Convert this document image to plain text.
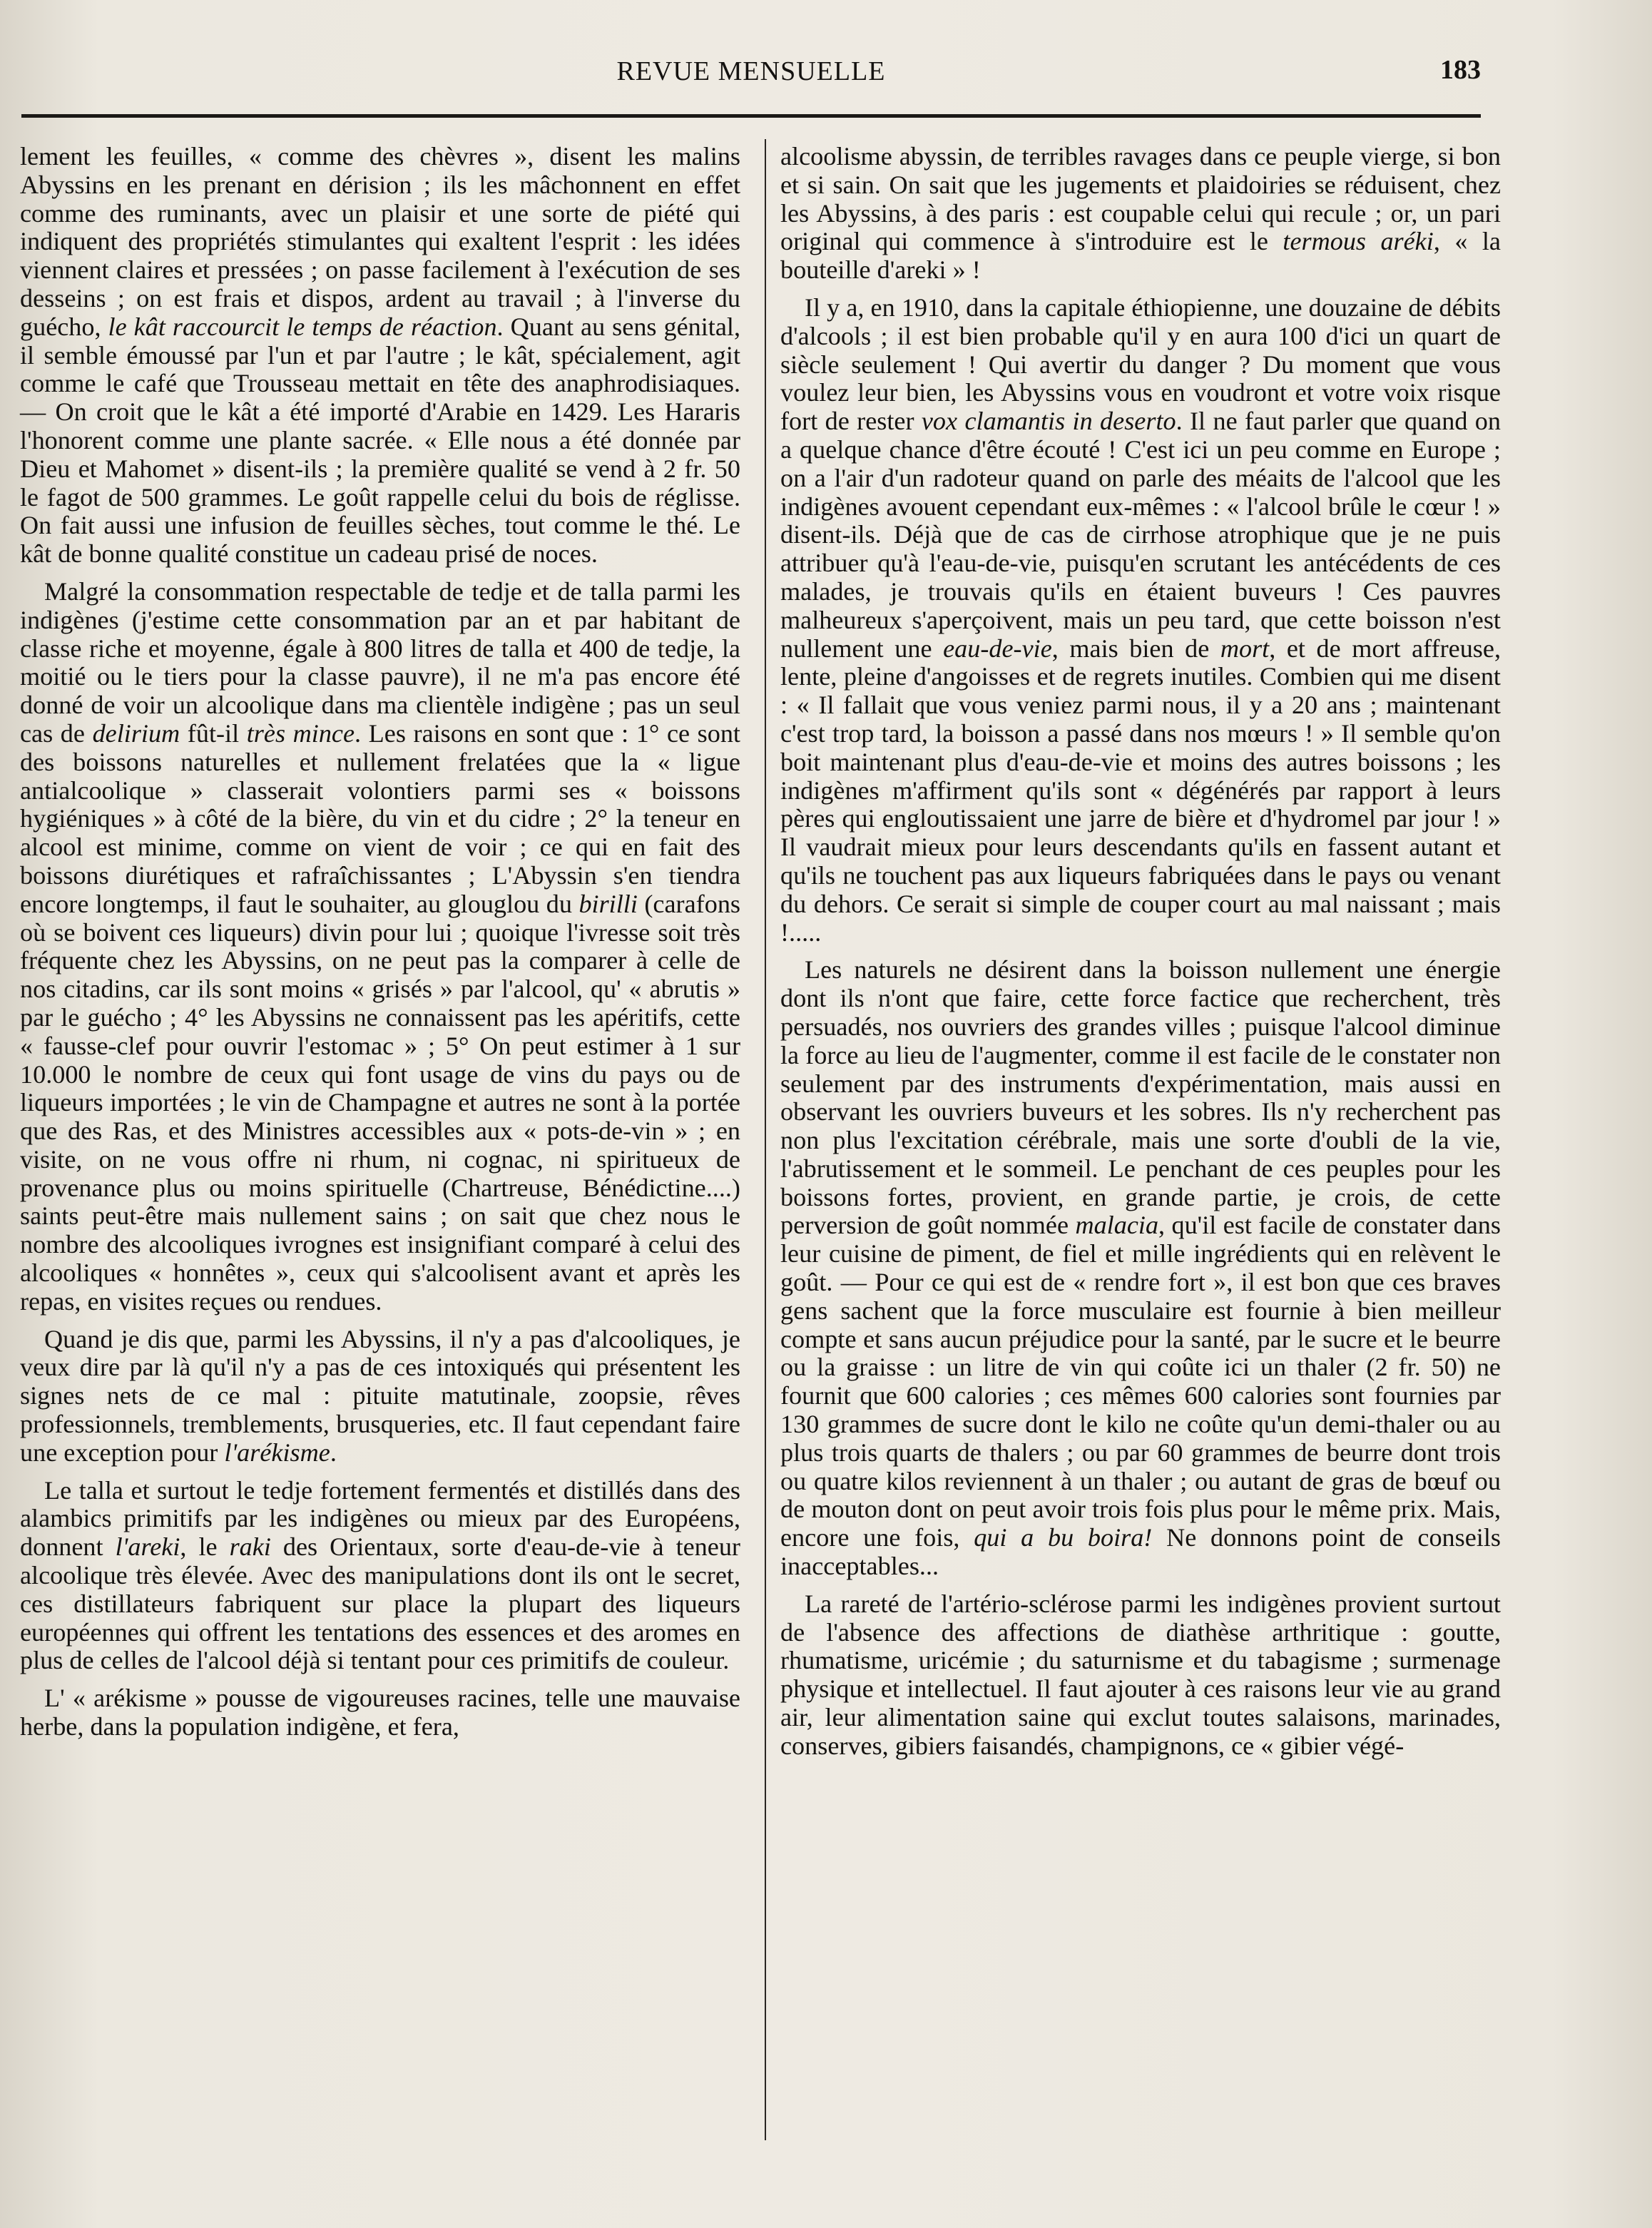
REVUE MENSUELLE	183

lement les feuilles, « comme des chèvres », disent les malins Abyssins en les prenant en dérision ; ils les mâchonnent en effet comme des ruminants, avec un plaisir et une sorte de piété qui indiquent des propriétés stimulantes qui exaltent l'esprit : les idées viennent claires et pressées ; on passe facilement à l'exécution de ses desseins ; on est frais et dispos, ardent au travail ; à l'inverse du guécho, le kât raccourcit le temps de réaction. Quant au sens génital, il semble émoussé par l'un et par l'autre ; le kât, spécialement, agit comme le café que Trousseau mettait en tête des anaphrodisiaques. — On croit que le kât a été importé d'Arabie en 1429. Les Hararis l'honorent comme une plante sacrée. « Elle nous a été donnée par Dieu et Mahomet » disent-ils ; la première qualité se vend à 2 fr. 50 le fagot de 500 grammes. Le goût rappelle celui du bois de réglisse. On fait aussi une infusion de feuilles sèches, tout comme le thé. Le kât de bonne qualité constitue un cadeau prisé de noces.

Malgré la consommation respectable de tedje et de talla parmi les indigènes (j'estime cette consommation par an et par habitant de classe riche et moyenne, égale à 800 litres de talla et 400 de tedje, la moitié ou le tiers pour la classe pauvre), il ne m'a pas encore été donné de voir un alcoolique dans ma clientèle indigène ; pas un seul cas de delirium fût-il très mince. Les raisons en sont que : 1° ce sont des boissons naturelles et nullement frelatées que la « ligue antialcoolique » classerait volontiers parmi ses « boissons hygiéniques » à côté de la bière, du vin et du cidre ; 2° la teneur en alcool est minime, comme on vient de voir ; ce qui en fait des boissons diurétiques et rafraîchissantes ; L'Abyssin s'en tiendra encore longtemps, il faut le souhaiter, au glouglou du birilli (carafons où se boivent ces liqueurs) divin pour lui ; quoique l'ivresse soit très fréquente chez les Abyssins, on ne peut pas la comparer à celle de nos citadins, car ils sont moins « grisés » par l'alcool, qu' « abrutis » par le guécho ; 4° les Abyssins ne connaissent pas les apéritifs, cette « fausse-clef pour ouvrir l'estomac » ; 5° On peut estimer à 1 sur 10.000 le nombre de ceux qui font usage de vins du pays ou de liqueurs importées ; le vin de Champagne et autres ne sont à la portée que des Ras, et des Ministres accessibles aux « pots-de-vin » ; en visite, on ne vous offre ni rhum, ni cognac, ni spiritueux de provenance plus ou moins spirituelle (Chartreuse, Bénédictine....) saints peut-être mais nullement sains ; on sait que chez nous le nombre des alcooliques ivrognes est insignifiant comparé à celui des alcooliques « honnêtes », ceux qui s'alcoolisent avant et après les repas, en visites reçues ou rendues.

Quand je dis que, parmi les Abyssins, il n'y a pas d'alcooliques, je veux dire par là qu'il n'y a pas de ces intoxiqués qui présentent les signes nets de ce mal : pituite matutinale, zoopsie, rêves professionnels, tremblements, brusqueries, etc. Il faut cependant faire une exception pour l'arékisme.

Le talla et surtout le tedje fortement fermentés et distillés dans des alambics primitifs par les indigènes ou mieux par des Européens, donnent l'areki, le raki des Orientaux, sorte d'eau-de-vie à teneur alcoolique très élevée. Avec des manipulations dont ils ont le secret, ces distillateurs fabriquent sur place la plupart des liqueurs européennes qui offrent les tentations des essences et des aromes en plus de celles de l'alcool déjà si tentant pour ces primitifs de couleur.

L' « arékisme » pousse de vigoureuses racines, telle une mauvaise herbe, dans la population indigène, et fera,

alcoolisme abyssin, de terribles ravages dans ce peuple vierge, si bon et si sain. On sait que les jugements et plaidoiries se réduisent, chez les Abyssins, à des paris : est coupable celui qui recule ; or, un pari original qui commence à s'introduire est le termous aréki, « la bouteille d'areki » !

Il y a, en 1910, dans la capitale éthiopienne, une douzaine de débits d'alcools ; il est bien probable qu'il y en aura 100 d'ici un quart de siècle seulement ! Qui avertir du danger ? Du moment que vous voulez leur bien, les Abyssins vous en voudront et votre voix risque fort de rester vox clamantis in deserto. Il ne faut parler que quand on a quelque chance d'être écouté ! C'est ici un peu comme en Europe ; on a l'air d'un radoteur quand on parle des méaits de l'alcool que les indigènes avouent cependant eux-mêmes : « l'alcool brûle le cœur ! » disent-ils. Déjà que de cas de cirrhose atrophique que je ne puis attribuer qu'à l'eau-de-vie, puisqu'en scrutant les antécédents de ces malades, je trouvais qu'ils en étaient buveurs ! Ces pauvres malheureux s'aperçoivent, mais un peu tard, que cette boisson n'est nullement une eau-de-vie, mais bien de mort, et de mort affreuse, lente, pleine d'angoisses et de regrets inutiles. Combien qui me disent : « Il fallait que vous veniez parmi nous, il y a 20 ans ; maintenant c'est trop tard, la boisson a passé dans nos mœurs ! » Il semble qu'on boit maintenant plus d'eau-de-vie et moins des autres boissons ; les indigènes m'affirment qu'ils sont « dégénérés par rapport à leurs pères qui engloutissaient une jarre de bière et d'hydromel par jour ! » Il vaudrait mieux pour leurs descendants qu'ils en fassent autant et qu'ils ne touchent pas aux liqueurs fabriquées dans le pays ou venant du dehors. Ce serait si simple de couper court au mal naissant ; mais !.....

Les naturels ne désirent dans la boisson nullement une énergie dont ils n'ont que faire, cette force factice que recherchent, très persuadés, nos ouvriers des grandes villes ; puisque l'alcool diminue la force au lieu de l'augmenter, comme il est facile de le constater non seulement par des instruments d'expérimentation, mais aussi en observant les ouvriers buveurs et les sobres. Ils n'y recherchent pas non plus l'excitation cérébrale, mais une sorte d'oubli de la vie, l'abrutissement et le sommeil. Le penchant de ces peuples pour les boissons fortes, provient, en grande partie, je crois, de cette perversion de goût nommée malacia, qu'il est facile de constater dans leur cuisine de piment, de fiel et mille ingrédients qui en relèvent le goût. — Pour ce qui est de « rendre fort », il est bon que ces braves gens sachent que la force musculaire est fournie à bien meilleur compte et sans aucun préjudice pour la santé, par le sucre et le beurre ou la graisse : un litre de vin qui coûte ici un thaler (2 fr. 50) ne fournit que 600 calories ; ces mêmes 600 calories sont fournies par 130 grammes de sucre dont le kilo ne coûte qu'un demi-thaler ou au plus trois quarts de thalers ; ou par 60 grammes de beurre dont trois ou quatre kilos reviennent à un thaler ; ou autant de gras de bœuf ou de mouton dont on peut avoir trois fois plus pour le même prix. Mais, encore une fois, qui a bu boira! Ne donnons point de conseils inacceptables...

La rareté de l'artério-sclérose parmi les indigènes provient surtout de l'absence des affections de diathèse arthritique : goutte, rhumatisme, uricémie ; du saturnisme et du tabagisme ; surmenage physique et intellectuel. Il faut ajouter à ces raisons leur vie au grand air, leur alimentation saine qui exclut toutes salaisons, marinades, conserves, gibiers faisandés, champignons, ce « gibier végé-
